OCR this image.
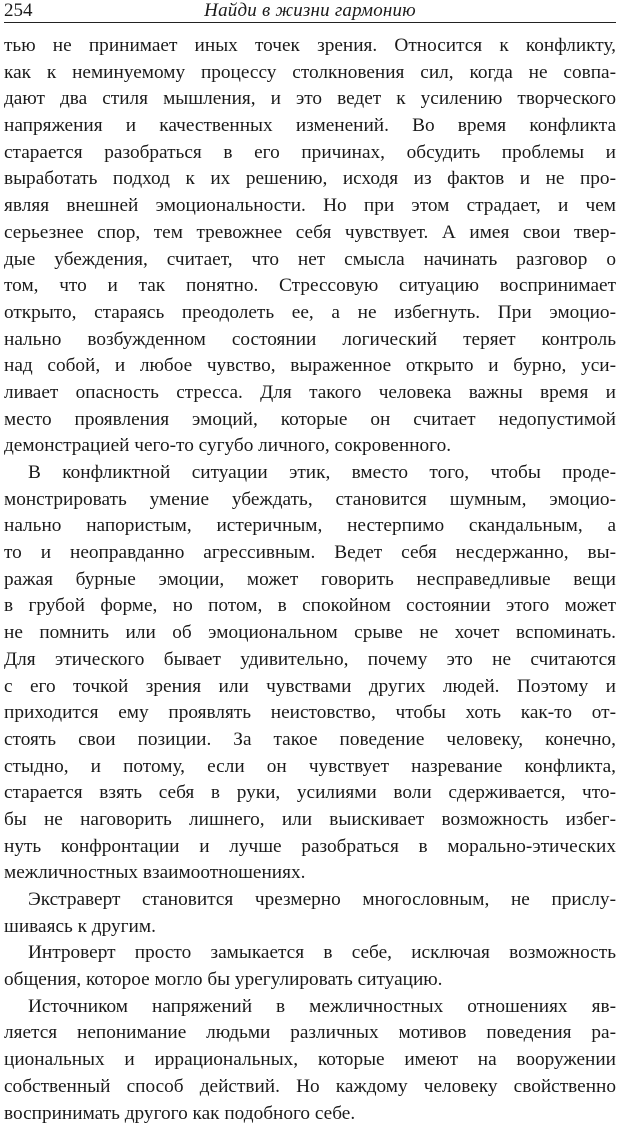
254	Найди в жизни гармонию
тью не принимает иных точек зрения. Относится к конфликту,
как к неминуемому процессу столкновения сил, когда не совпа-
дают два стиля мышления, и это ведет к усилению творческого
напряжения и качественных изменений. Во время конфликта
старается разобраться в его причинах, обсудить проблемы и
выработать подход к их решению, исходя из фактов и не про-
являя внешней эмоциональности. Но при этом страдает, и чем
серьезнее спор, тем тревожнее себя чувствует. А имея свои твер-
дые убеждения, считает, что нет смысла начинать разговор о
том, что и так понятно. Стрессовую ситуацию воспринимает
открыто, стараясь преодолеть ее, а не избегнуть. При эмоцио-
нально возбужденном состоянии логический теряет контроль
над собой, и любое чувство, выраженное открыто и бурно, уси-
ливает опасность стресса. Для такого человека важны время и
место проявления эмоций, которые он считает недопустимой
демонстрацией чего-то сугубо личного, сокровенного.
В конфликтной ситуации этик, вместо того, чтобы проде-
монстрировать умение убеждать, становится шумным, эмоцио-
нально напористым, истеричным, нестерпимо скандальным, а
то и неоправданно агрессивным. Ведет себя несдержанно, вы-
ражая бурные эмоции, может говорить несправедливые вещи
в грубой форме, но потом, в спокойном состоянии этого может
не помнить или об эмоциональном срыве не хочет вспоминать.
Для этического бывает удивительно, почему это не считаются
с его точкой зрения или чувствами других людей. Поэтому и
приходится ему проявлять неистовство, чтобы хоть как-то от-
стоять свои позиции. За такое поведение человеку, конечно,
стыдно, и потому, если он чувствует назревание конфликта,
старается взять себя в руки, усилиями воли сдерживается, что-
бы не наговорить лишнего, или выискивает возможность избег-
нуть конфронтации и лучше разобраться в морально-этических
межличностных взаимоотношениях.
Экстраверт становится чрезмерно многословным, не прислу-
шиваясь к другим.
Интроверт просто замыкается в себе, исключая возможность
общения, которое могло бы урегулировать ситуацию.
Источником напряжений в межличностных отношениях яв-
ляется непонимание людьми различных мотивов поведения ра-
циональных и иррациональных, которые имеют на вооружении
собственный способ действий. Но каждому человеку свойственно
воспринимать другого как подобного себе.
